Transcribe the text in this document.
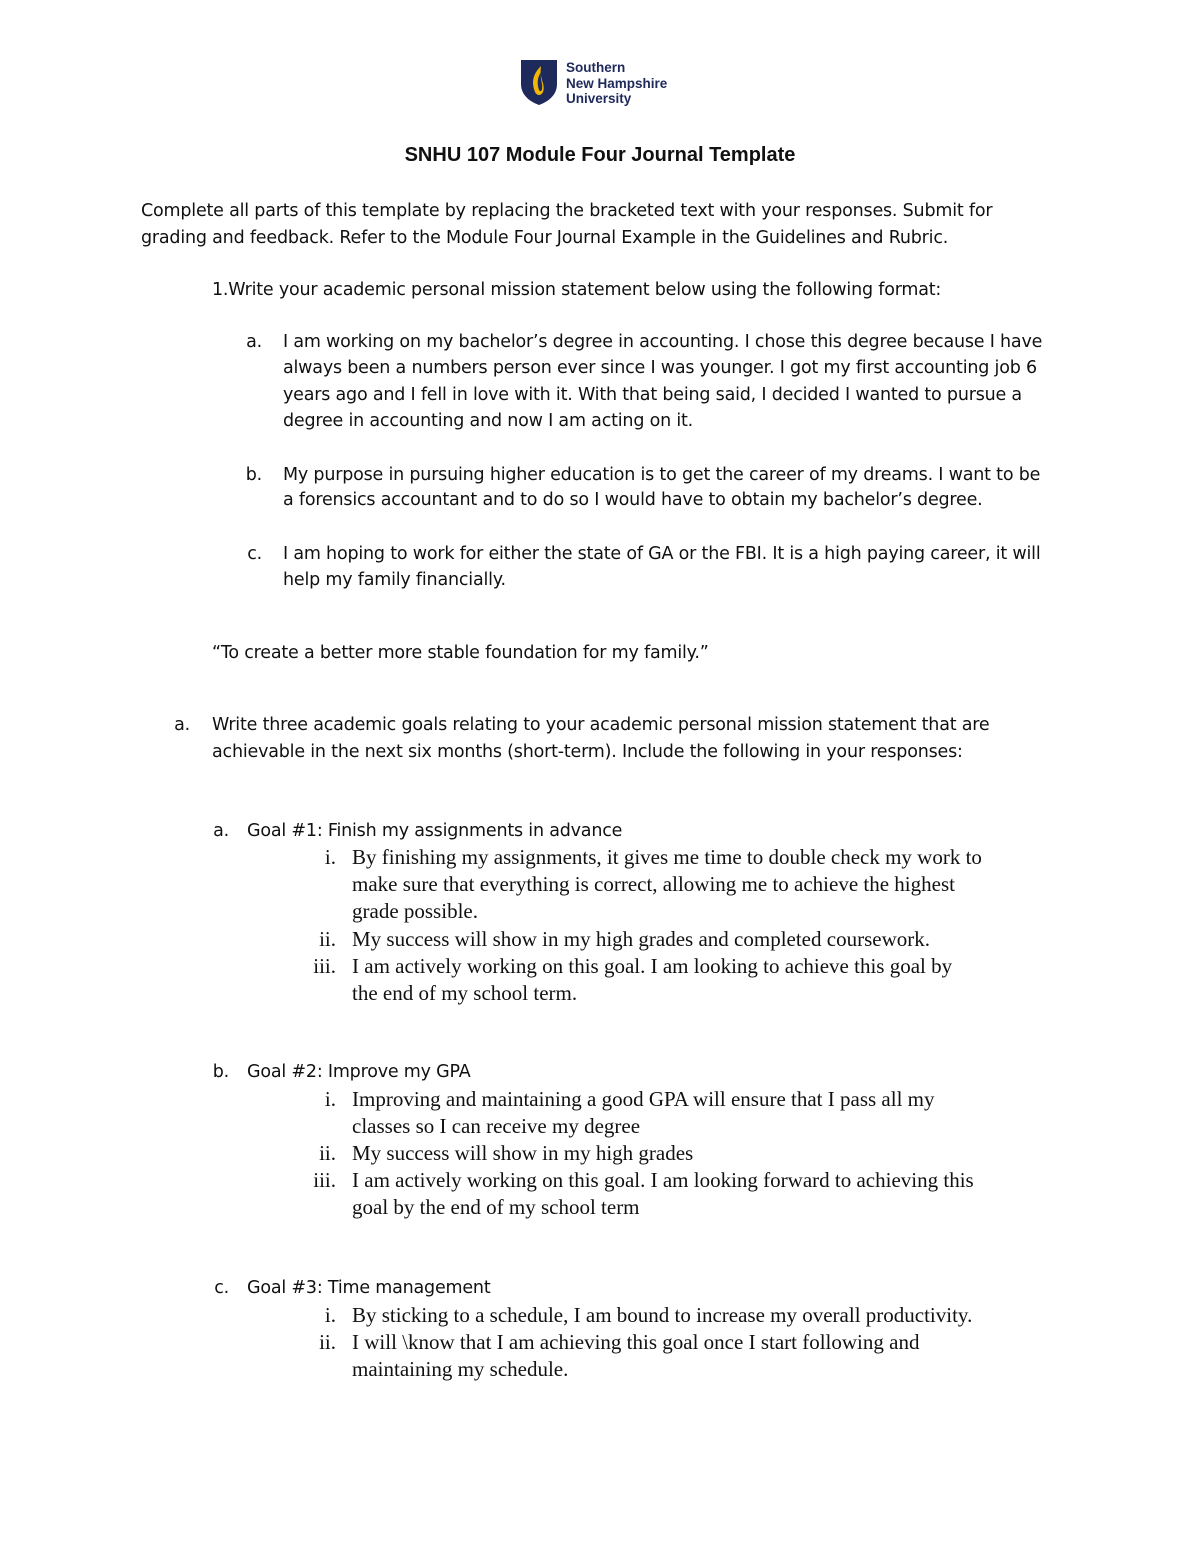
Southern
New Hampshire
University
SNHU 107 Module Four Journal Template
Complete all parts of this template by replacing the bracketed text with your responses. Submit for
grading and feedback. Refer to the Module Four Journal Example in the Guidelines and Rubric.
1.Write your academic personal mission statement below using the following format:
a. I am working on my bachelor’s degree in accounting. I chose this degree because I have
always been a numbers person ever since I was younger. I got my first accounting job 6
years ago and I fell in love with it. With that being said, I decided I wanted to pursue a
degree in accounting and now I am acting on it.
b. My purpose in pursuing higher education is to get the career of my dreams. I want to be
a forensics accountant and to do so I would have to obtain my bachelor’s degree.
c. I am hoping to work for either the state of GA or the FBI. It is a high paying career, it will
help my family financially.
“To create a better more stable foundation for my family.”
a. Write three academic goals relating to your academic personal mission statement that are
achievable in the next six months (short-term). Include the following in your responses:
a. Goal #1: Finish my assignments in advance
i. By finishing my assignments, it gives me time to double check my work to
make sure that everything is correct, allowing me to achieve the highest
grade possible.
ii. My success will show in my high grades and completed coursework.
iii. I am actively working on this goal. I am looking to achieve this goal by
the end of my school term.
b. Goal #2: Improve my GPA
i. Improving and maintaining a good GPA will ensure that I pass all my
classes so I can receive my degree
ii. My success will show in my high grades
iii. I am actively working on this goal. I am looking forward to achieving this
goal by the end of my school term
c. Goal #3: Time management
i. By sticking to a schedule, I am bound to increase my overall productivity.
ii. I will \know that I am achieving this goal once I start following and
maintaining my schedule.
